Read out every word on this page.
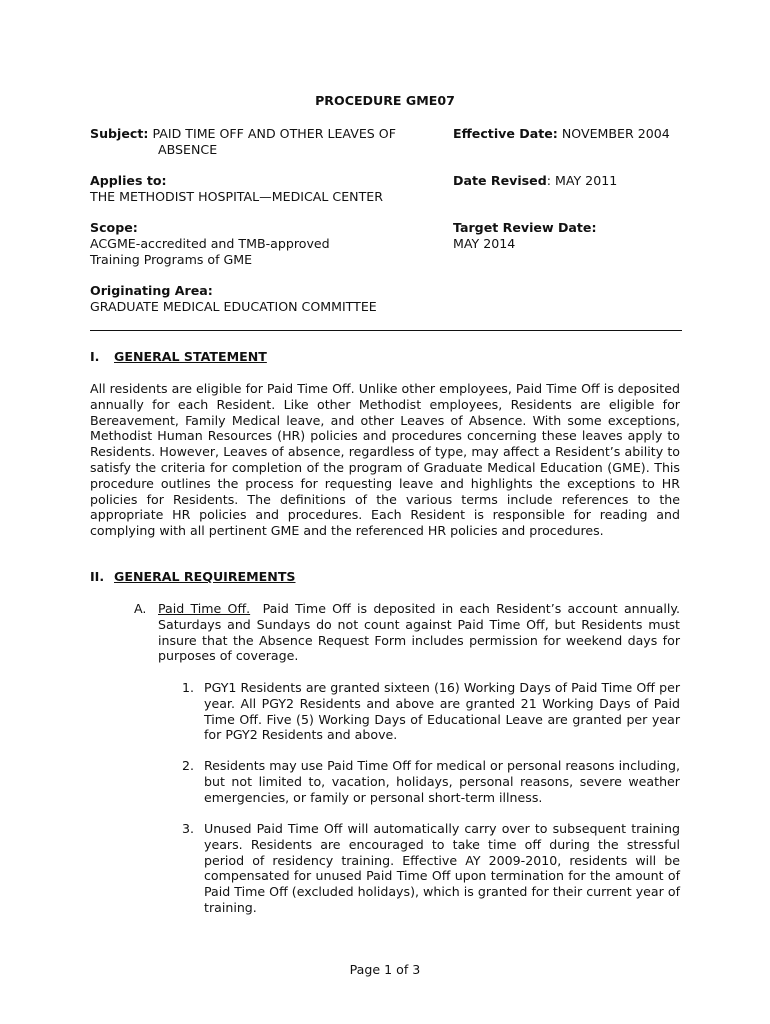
PROCEDURE GME07
Subject: PAID TIME OFF AND OTHER LEAVES OF
ABSENCE
Effective Date: NOVEMBER 2004
Applies to:
THE METHODIST HOSPITAL—MEDICAL CENTER
Date Revised: MAY 2011
Scope:
ACGME-accredited and TMB-approved
Training Programs of GME
Target Review Date:
MAY 2014
Originating Area:
GRADUATE MEDICAL EDUCATION COMMITTEE
I. GENERAL STATEMENT

All residents are eligible for Paid Time Off. Unlike other employees, Paid Time Off is deposited annually for each Resident. Like other Methodist employees, Residents are eligible for Bereavement, Family Medical leave, and other Leaves of Absence. With some exceptions, Methodist Human Resources (HR) policies and procedures concerning these leaves apply to Residents. However, Leaves of absence, regardless of type, may affect a Resident’s ability to satisfy the criteria for completion of the program of Graduate Medical Education (GME). This procedure outlines the process for requesting leave and highlights the exceptions to HR policies for Residents. The definitions of the various terms include references to the appropriate HR policies and procedures. Each Resident is responsible for reading and complying with all pertinent GME and the referenced HR policies and procedures.

II. GENERAL REQUIREMENTS
A. Paid Time Off. Paid Time Off is deposited in each Resident’s account annually. Saturdays and Sundays do not count against Paid Time Off, but Residents must insure that the Absence Request Form includes permission for weekend days for purposes of coverage.

1. PGY1 Residents are granted sixteen (16) Working Days of Paid Time Off per year. All PGY2 Residents and above are granted 21 Working Days of Paid Time Off. Five (5) Working Days of Educational Leave are granted per year for PGY2 Residents and above.
2. Residents may use Paid Time Off for medical or personal reasons including, but not limited to, vacation, holidays, personal reasons, severe weather emergencies, or family or personal short-term illness.
3. Unused Paid Time Off will automatically carry over to subsequent training years. Residents are encouraged to take time off during the stressful period of residency training. Effective AY 2009-2010, residents will be compensated for unused Paid Time Off upon termination for the amount of Paid Time Off (excluded holidays), which is granted for their current year of training.
Page 1 of 3
